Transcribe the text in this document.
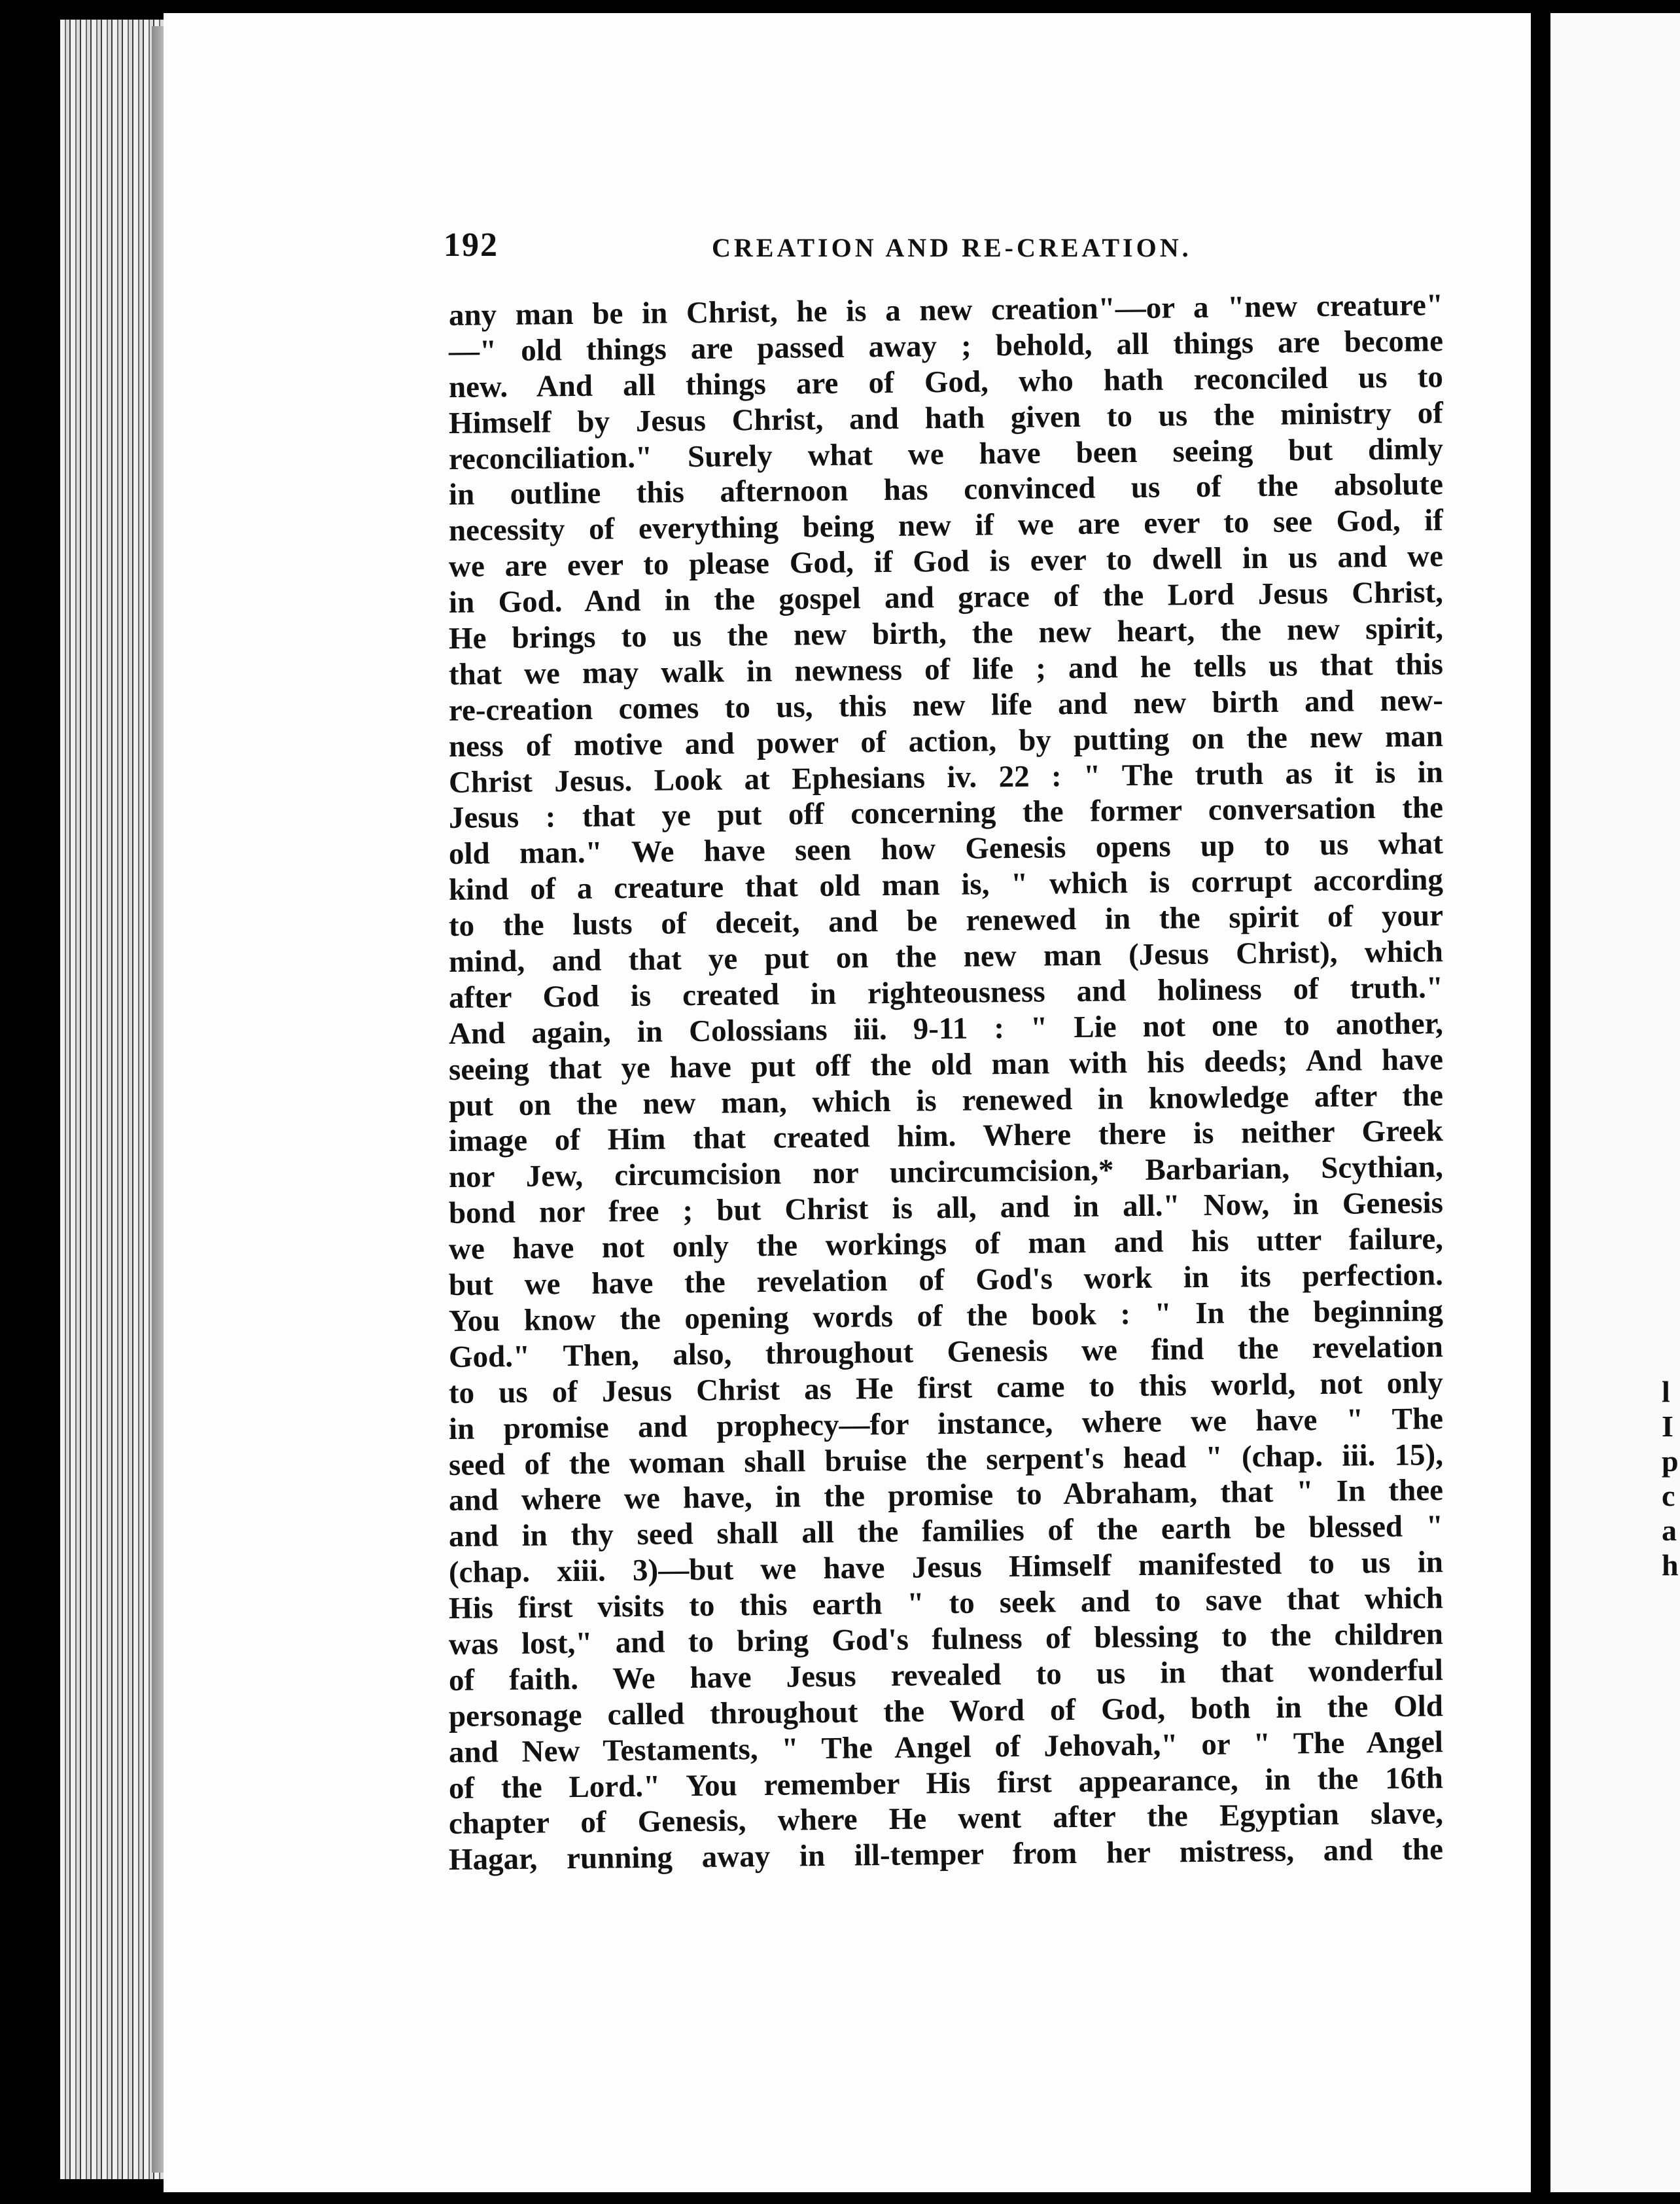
192	CREATION AND RE-CREATION.
any man be in Christ, he is a new creation"—or a "new creature"
—" old things are passed away ; behold, all things are become
new. And all things are of God, who hath reconciled us to
Himself by Jesus Christ, and hath given to us the ministry of
reconciliation." Surely what we have been seeing but dimly
in outline this afternoon has convinced us of the absolute
necessity of everything being new if we are ever to see God, if
we are ever to please God, if God is ever to dwell in us and we
in God. And in the gospel and grace of the Lord Jesus Christ,
He brings to us the new birth, the new heart, the new spirit,
that we may walk in newness of life ; and he tells us that this
re-creation comes to us, this new life and new birth and new-
ness of motive and power of action, by putting on the new man
Christ Jesus. Look at Ephesians iv. 22 : " The truth as it is in
Jesus : that ye put off concerning the former conversation the
old man." We have seen how Genesis opens up to us what
kind of a creature that old man is, " which is corrupt according
to the lusts of deceit, and be renewed in the spirit of your
mind, and that ye put on the new man (Jesus Christ), which
after God is created in righteousness and holiness of truth."
And again, in Colossians iii. 9-11 : " Lie not one to another,
seeing that ye have put off the old man with his deeds; And have
put on the new man, which is renewed in knowledge after the
image of Him that created him. Where there is neither Greek
nor Jew, circumcision nor uncircumcision,* Barbarian, Scythian,
bond nor free ; but Christ is all, and in all." Now, in Genesis
we have not only the workings of man and his utter failure,
but we have the revelation of God's work in its perfection.
You know the opening words of the book : " In the beginning
God." Then, also, throughout Genesis we find the revelation
to us of Jesus Christ as He first came to this world, not only
in promise and prophecy—for instance, where we have " The
seed of the woman shall bruise the serpent's head " (chap. iii. 15),
and where we have, in the promise to Abraham, that " In thee
and in thy seed shall all the families of the earth be blessed "
(chap. xiii. 3)—but we have Jesus Himself manifested to us in
His first visits to this earth " to seek and to save that which
was lost," and to bring God's fulness of blessing to the children
of faith. We have Jesus revealed to us in that wonderful
personage called throughout the Word of God, both in the Old
and New Testaments, " The Angel of Jehovah," or " The Angel
of the Lord." You remember His first appearance, in the 16th
chapter of Genesis, where He went after the Egyptian slave,
Hagar, running away in ill-temper from her mistress, and the
l
I
p
c
a
h
